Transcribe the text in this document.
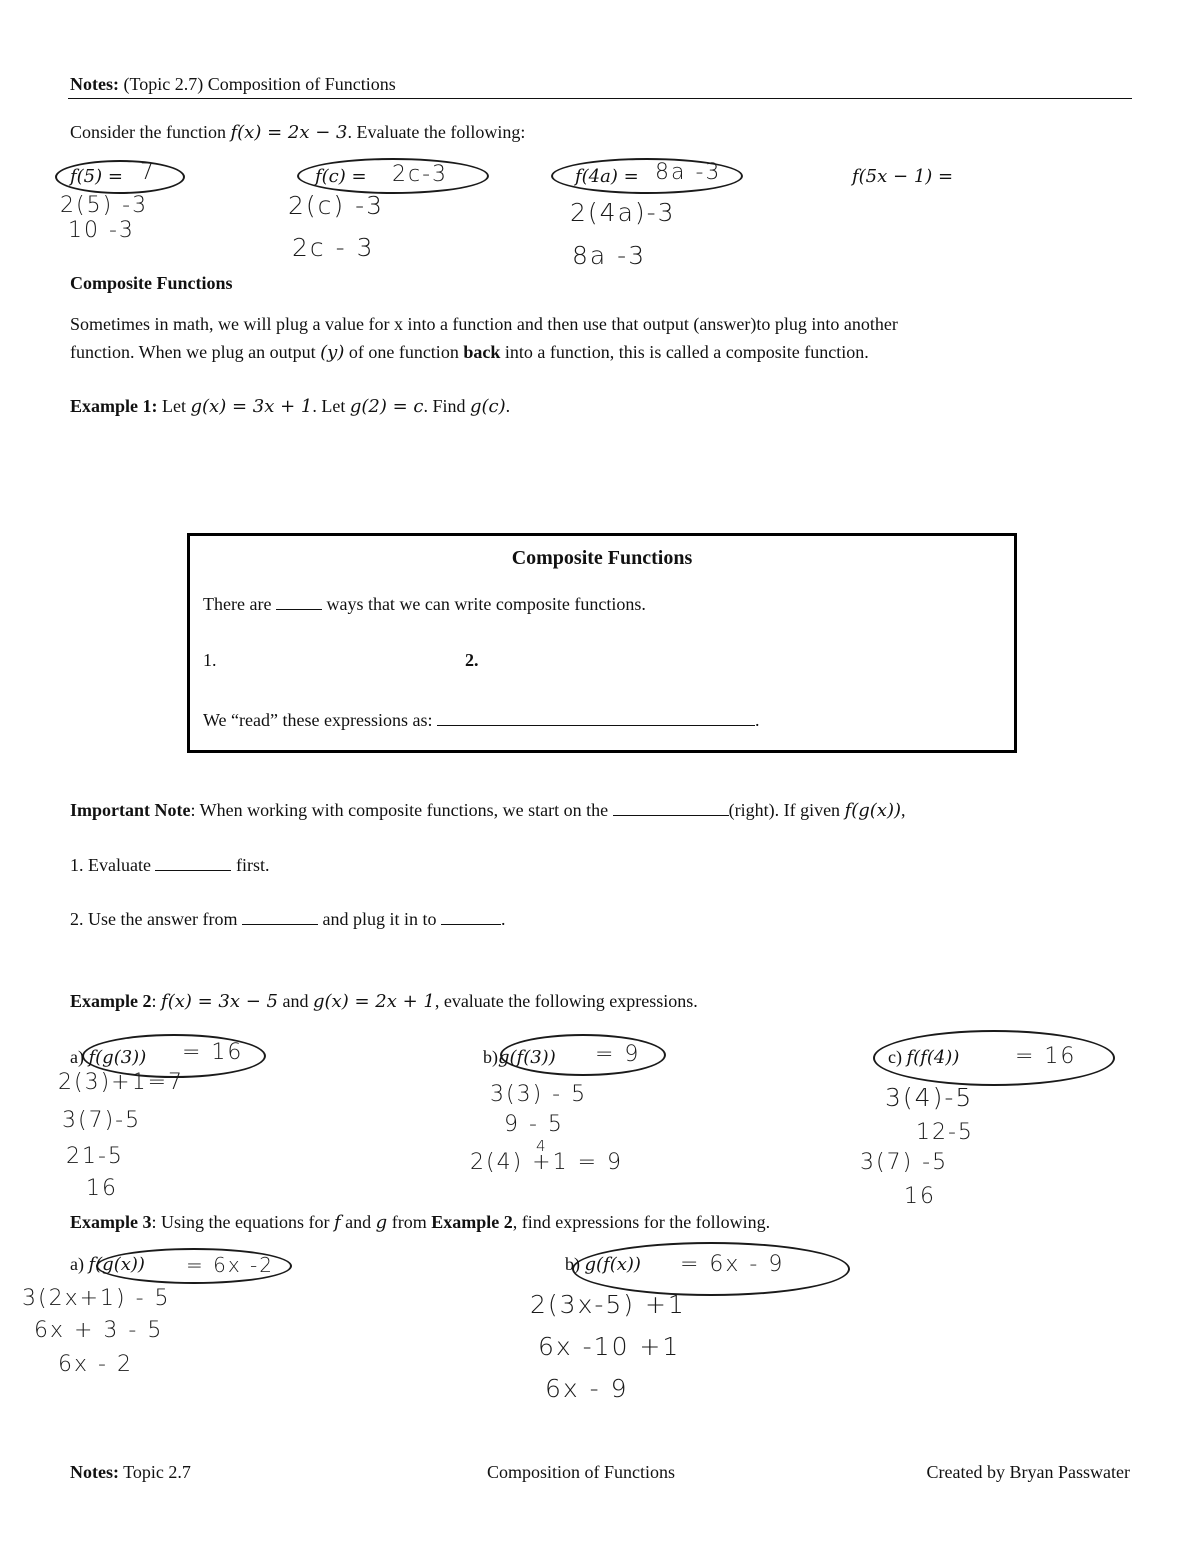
Notes: (Topic 2.7) Composition of Functions
Consider the function f(x) = 2x − 3. Evaluate the following:
f(5) = 7
2(5) -3
10 -3
f(c) = 2c-3
2(c) -3
2c - 3
f(4a) = 8a -3
2(4a)-3
8a -3
f(5x − 1) =
Composite Functions
Sometimes in math, we will plug a value for x into a function and then use that output (answer)to plug into another
function. When we plug an output (y) of one function back into a function, this is called a composite function.
Example 1: Let g(x) = 3x + 1. Let g(2) = c. Find g(c).
Composite Functions
There are	ways that we can write composite functions.
1.	2.
We “read” these expressions as:	.
Important Note: When working with composite functions, we start on the	(right). If given f(g(x)),
1. Evaluate	first.
2. Use the answer from	and plug it in to	.
Example 2: f(x) = 3x − 5 and g(x) = 2x + 1, evaluate the following expressions.
a) f(g(3)) = 16
2(3)+1=7
3(7)-5
21-5
16
b)g(f(3)) = 9
3(3) - 5
9 - 5
4
2(4) +1 = 9
c) f(f(4))	= 16
3(4)-5
12-5
3(7) -5
16
Example 3: Using the equations for f and g from Example 2, find expressions for the following.
a) f(g(x)) = 6x -2
3(2x+1) - 5
6x + 3 - 5
6x - 2
b) g(f(x)) = 6x - 9
2(3x-5) +1
6x -10 +1
6x - 9
Notes: Topic 2.7	Composition of Functions	Created by Bryan Passwater
